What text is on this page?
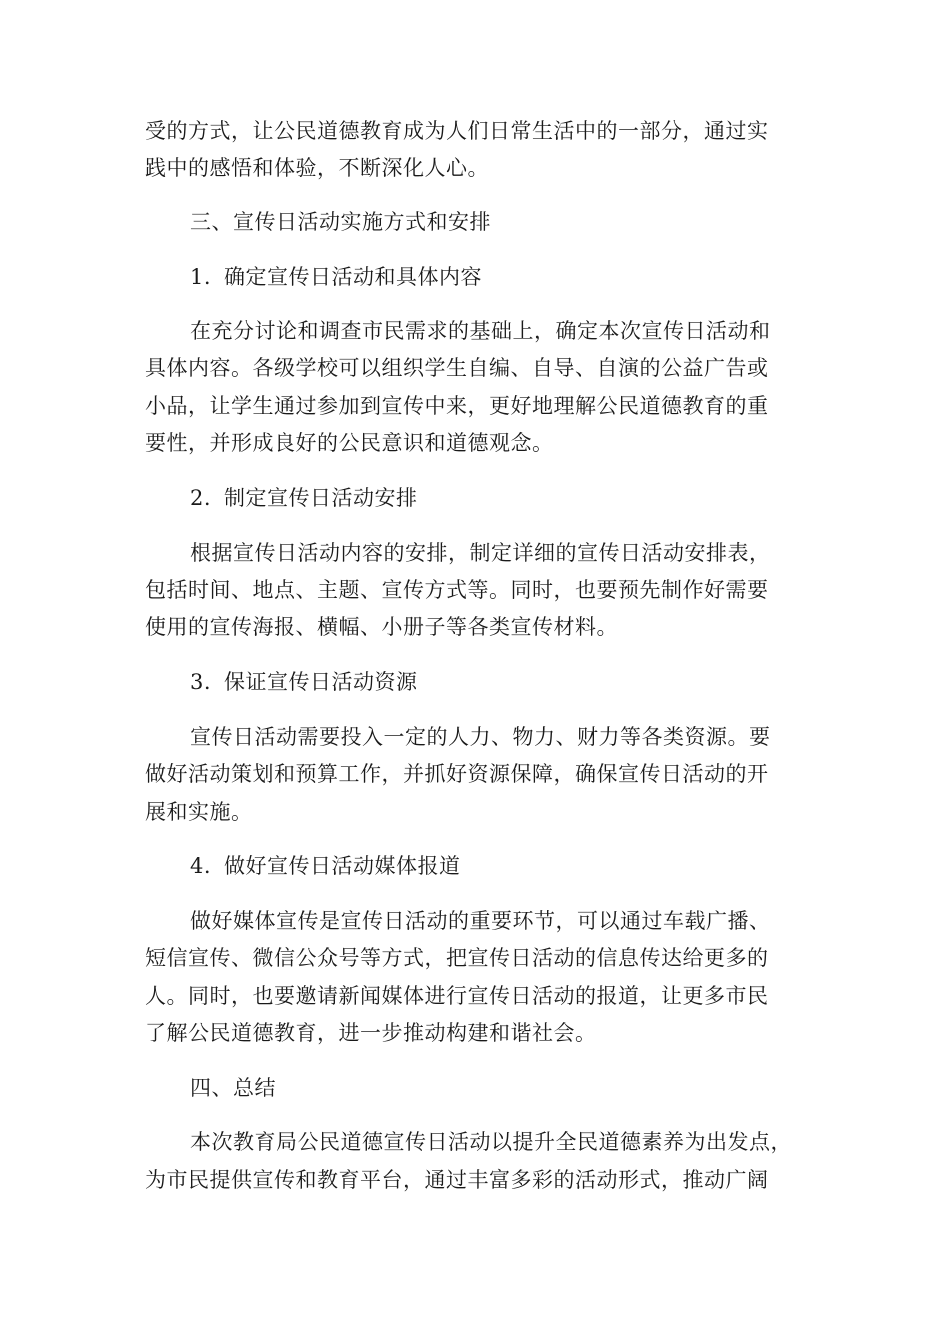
受的方式，让公民道德教育成为人们日常生活中的一部分，通过实
践中的感悟和体验，不断深化人心。
三、宣传日活动实施方式和安排
1. 确定宣传日活动和具体内容
在充分讨论和调查市民需求的基础上，确定本次宣传日活动和
具体内容。各级学校可以组织学生自编、自导、自演的公益广告或
小品，让学生通过参加到宣传中来，更好地理解公民道德教育的重
要性，并形成良好的公民意识和道德观念。
2. 制定宣传日活动安排
根据宣传日活动内容的安排，制定详细的宣传日活动安排表，
包括时间、地点、主题、宣传方式等。同时，也要预先制作好需要
使用的宣传海报、横幅、小册子等各类宣传材料。
3. 保证宣传日活动资源
宣传日活动需要投入一定的人力、物力、财力等各类资源。要
做好活动策划和预算工作，并抓好资源保障，确保宣传日活动的开
展和实施。
4. 做好宣传日活动媒体报道
做好媒体宣传是宣传日活动的重要环节，可以通过车载广播、
短信宣传、微信公众号等方式，把宣传日活动的信息传达给更多的
人。同时，也要邀请新闻媒体进行宣传日活动的报道，让更多市民
了解公民道德教育，进一步推动构建和谐社会。
四、总结
本次教育局公民道德宣传日活动以提升全民道德素养为出发点，
为市民提供宣传和教育平台，通过丰富多彩的活动形式，推动广阔
